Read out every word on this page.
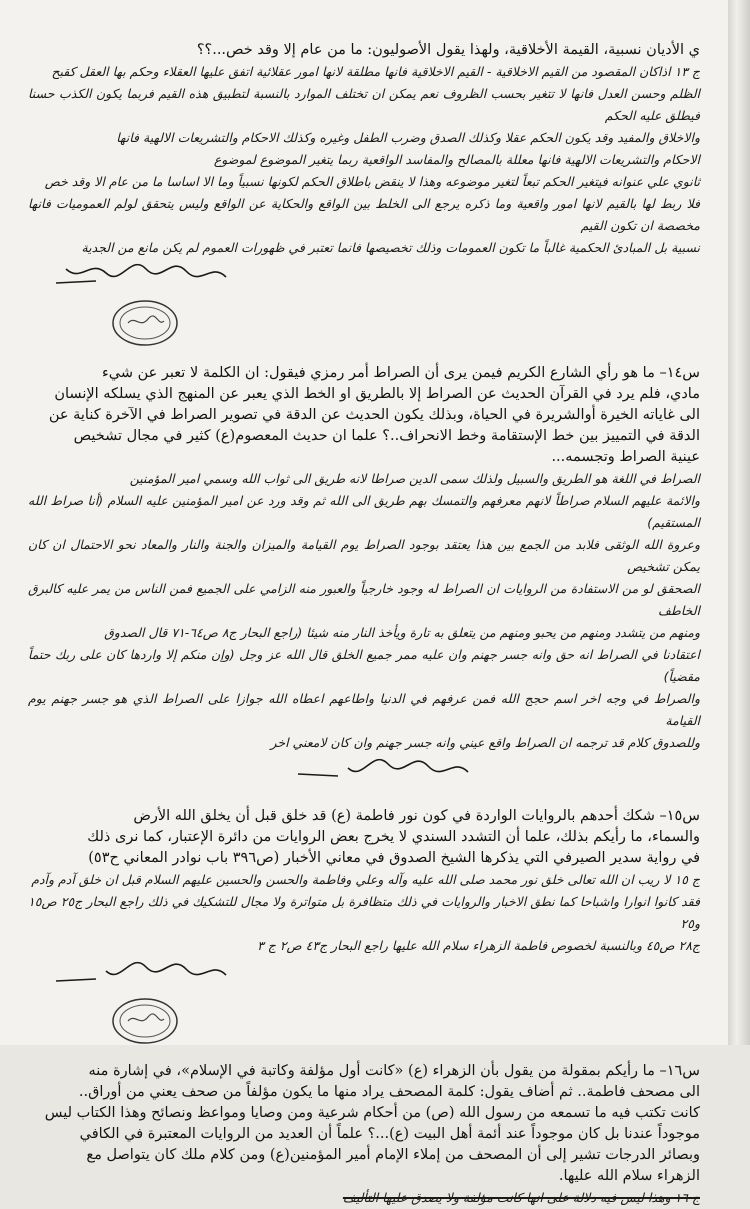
ي الأديان نسبية، القيمة الأخلاقية، ولهذا يقول الأصوليون: ما من عام إلا وقد خص...؟؟

ج ١٣ اذاكان المقصود من القيم الاخلاقية - القيم الاخلاقية فانها مطلقة لانها امور عقلائية اتفق عليها العقلاء وحكم بها العقل كقبح

الظلم وحسن العدل فانها لا تتغير بحسب الظروف نعم يمكن ان تختلف الموارد بالنسبة لتطبيق هذه القيم فربما يكون الكذب حسنا فيطلق عليه الحكم

والاخلاق والمفيد وقد يكون الحكم عقلا وكذلك الصدق وضرب الطفل وغيره وكذلك الاحكام والتشريعات الالهية فانها

الاحكام والتشريعات الالهية فانها معللة بالمصالح والمفاسد الواقعية ربما يتغير الموضوع لموضوع

ثانوي علي عنوانه فيتغير الحكم تبعاً لتغير موضوعه وهذا لا ينقض باطلاق الحكم لكونها نسبياً وما الا اساسا ما من عام الا وقد خص

فلا ربط لها بالقيم لانها امور واقعية وما ذكره يرجع الى الخلط بين الواقع والحكاية عن الواقع وليس يتحقق لولم العموميات فانها مخصصة ان تكون القيم

نسبية بل المبادئ الحكمية غالباً ما تكون العمومات وذلك تخصيصها فانما تعتبر في ظهورات العموم لم يكن مانع من الجدية

س١٤– ما هو رأي الشارع الكريم فيمن يرى أن الصراط أمر رمزي فيقول: ان الكلمة لا تعبر عن شيء

مادي، فلم يرد في القرآن الحديث عن الصراط إلا بالطريق او الخط الذي يعبر عن المنهج الذي يسلكه الإنسان

الى غاياته الخيرة أوالشريرة في الحياة، وبذلك يكون الحديث عن الدقة في تصوير الصراط في الآخرة كناية عن

الدقة في التمييز بين خط الإستقامة وخط الانحراف..؟ علما ان حديث المعصوم(ع) كثير في مجال تشخيص

عينية الصراط وتجسمه...

الصراط في اللغة هو الطريق والسبيل ولذلك سمى الدين صراطا لانه طريق الى ثواب الله وسمي امير المؤمنين

والائمة عليهم السلام صراطاً لانهم معرفهم والتمسك بهم طريق الى الله ثم وقد ورد عن امير المؤمنين عليه السلام (أنا صراط الله المستقيم)

وعروة الله الوثقى فلابد من الجمع بين هذا يعتقد بوجود الصراط يوم القيامة والميزان والجنة والنار والمعاد نحو الاحتمال ان كان يمكن تشخيص

الصحقق لو من الاستفادة من الروايات ان الصراط له وجود خارجياً والعبور منه الزامي على الجميع فمن الناس من يمر عليه كالبرق الخاطف

ومنهم من يتشدد ومنهم من يحبو ومنهم من يتعلق به تارة ويأخذ النار منه شيئا (راجع البحار ج٨ ص٦٤-٧١ قال الصدوق

اعتقادنا في الصراط انه حق وانه جسر جهنم وان عليه ممر جميع الخلق قال الله عز وجل (وإن منكم إلا واردها كان على ربك حتماً مقضياً)

والصراط في وجه اخر اسم حجج الله فمن عرفهم في الدنيا واطاعهم اعطاه الله جوازا على الصراط الذي هو جسر جهنم يوم القيامة

وللصدوق كلام قد ترجمه ان الصراط واقع عيني وانه جسر جهنم وان كان لامعني اخر

س١٥– شكك أحدهم بالروايات الواردة في كون نور فاطمة (ع) قد خلق قبل أن يخلق الله الأرض

والسماء، ما رأيكم بذلك، علما أن التشدد السندي لا يخرج بعض الروايات من دائرة الإعتبار، كما نرى ذلك

في رواية سدير الصيرفي التي يذكرها الشيخ الصدوق في معاني الأخبار (ص٣٩٦ باب نوادر المعاني ح٥٣)

ج ١٥ لا ريب ان الله تعالى خلق نور محمد صلى الله عليه وآله وعلي وفاطمة والحسن والحسين عليهم السلام قبل ان خلق آدم وآدم

فقد كانوا انوارا واشباحا كما نطق الاخبار والروايات في ذلك متظافرة بل متواترة ولا مجال للتشكيك في ذلك راجع البحار ج٢٥ ص١٥ و٢٥

ج٢٨ ص٤٥ وبالنسبة لخصوص فاطمة الزهراء سلام الله عليها راجع البحار ج٤٣ ص٢ ج ٣

س١٦– ما رأيكم بمقولة من يقول بأن الزهراء (ع) «كانت أول مؤلفة وكاتبة في الإسلام»، في إشارة منه

الى مصحف فاطمة.. ثم أضاف يقول: كلمة المصحف يراد منها ما يكون مؤلفاً من صحف يعني من أوراق..

كانت تكتب فيه ما تسمعه من رسول الله (ص) من أحكام شرعية ومن وصايا ومواعظ ونصائح وهذا الكتاب ليس

موجوداً عندنا بل كان موجوداً عند أئمة أهل البيت (ع)...؟ علماً أن العديد من الروايات المعتبرة في الكافي

وبصائر الدرجات تشير إلى أن المصحف من إملاء الإمام أمير المؤمنين(ع) ومن كلام ملك كان يتواصل مع

الزهراء سلام الله عليها.

ج ١٦ وهذا ليس فيه دلالة على انها كانت مؤلفة ولا يصدق عليها التأليف
